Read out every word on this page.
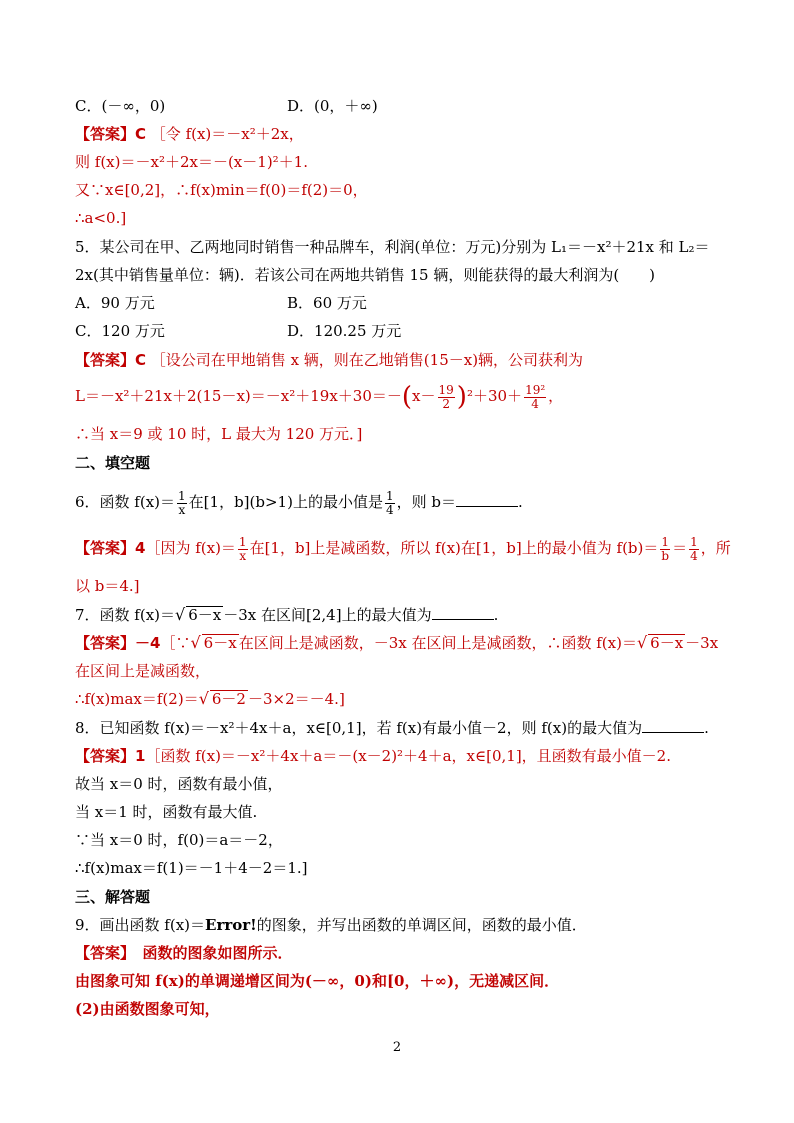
C．(－∞，0)	D．(0，＋∞)
【答案】C ［令 f(x)＝－x²＋2x，
则 f(x)＝－x²＋2x＝－(x－1)²＋1.
又∵x∈[0,2]，∴f(x)min＝f(0)＝f(2)＝0，
∴a<0.]
5．某公司在甲、乙两地同时销售一种品牌车，利润(单位：万元)分别为 L₁＝－x²＋21x 和 L₂＝
2x(其中销售量单位：辆)．若该公司在两地共销售 15 辆，则能获得的最大利润为(　　)
A．90 万元	B．60 万元
C．120 万元	D．120.25 万元
【答案】C ［设公司在甲地销售 x 辆，则在乙地销售(15－x)辆，公司获利为
$L=-x^2+21x+2(15-x)=-x^2+19x+30=-(x- \frac{19}{2} )^2+30+ \frac{\text{19²}}{4}$ ，
∴当 x＝9 或 10 时，L 最大为 120 万元．]
二、填空题
6．函数 $f(x)= \frac{1}{x}$ 在[1，b](b>1)上的最小值是 $\frac{1}{4}$ ，则 b＝	.
【答案】4［因为 $f(x)= \frac{1}{x}$ 在[1，b]上是减函数，所以 f(x)在[1，b]上的最小值为 $f(b)= \frac{1}{b} = \frac{1}{4}$ ，所
以 b＝4.]
7．函数 f(x)＝√ 6－x －3x 在区间[2,4]上的最大值为	.
【答案】－4［∵√ 6－x 在区间上是减函数，－3x 在区间上是减函数，∴函数 f(x)＝√ 6－x －3x
在区间上是减函数，
∴f(x)max＝f(2)＝√ 6－2 －3×2＝－4.]
8．已知函数 f(x)＝－x²＋4x＋a，x∈[0,1]，若 f(x)有最小值－2，则 f(x)的最大值为	.
【答案】1［函数 f(x)＝－x²＋4x＋a＝－(x－2)²＋4＋a，x∈[0,1]，且函数有最小值－2.
故当 x＝0 时，函数有最小值，
当 x＝1 时，函数有最大值.
∵当 x＝0 时，f(0)＝a＝－2，
∴f(x)max＝f(1)＝－1＋4－2＝1.]
三、解答题
9．画出函数 f(x)＝Error!的图象，并写出函数的单调区间，函数的最小值．
【答案】　函数的图象如图所示．
由图象可知 f(x)的单调递增区间为(－∞，0)和[0，＋∞)，无递减区间．
(2)由函数图象可知，
2
